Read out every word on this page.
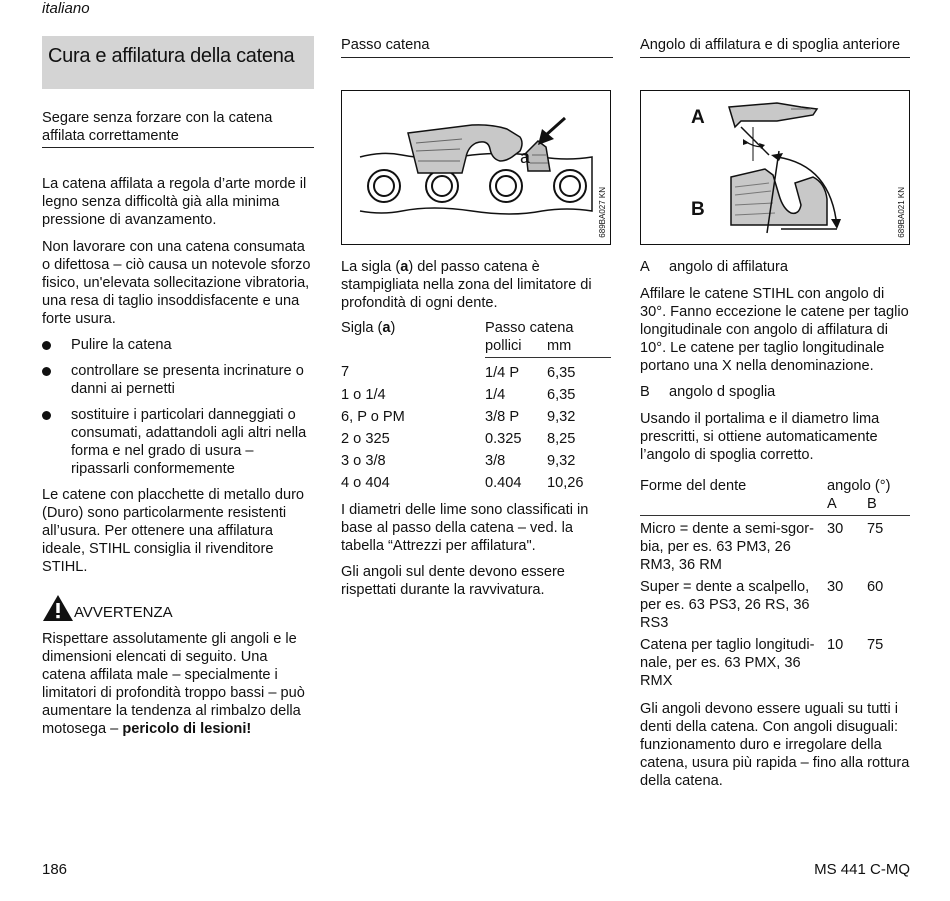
italiano
Cura e affilatura della catena
Segare senza forzare con la catena affilata correttamente

La catena affilata a regola d’arte morde il legno senza difficoltà già alla minima pressione di avanzamento.

Non lavorare con una catena consumata o difettosa – ciò causa un notevole sforzo fisico, un'elevata sollecitazione vibratoria, una resa di taglio insoddisfacente e una forte usura.

Pulire la catena
controllare se presenta incrinature o danni ai pernetti
sostituire i particolari danneggiati o consumati, adattandoli agli altri nella forma e nel grado di usura – ripassarli conformemente

Le catene con placchette di metallo duro (Duro) sono particolarmente resistenti all’usura. Per ottenere una affilatura ideale, STIHL consiglia il rivenditore STIHL.

AVVERTENZA

Rispettare assolutamente gli angoli e le dimensioni elencati di seguito. Una catena affilata male – specialmente i limitatori di profondità troppo bassi – può aumentare la tendenza al rimbalzo della motosega – pericolo di lesioni!

Passo catena
a
689BA027 KN

La sigla (a) del passo catena è stampigliata nella zona del limitatore di profondità di ogni dente.

Sigla (a)	Passo catena	
	pollici	mm
7	1/4 P	6,35
1 o 1/4	1/4	6,35
6, P o PM	3/8 P	9,32
2 o 325	0.325	8,25
3 o 3/8	3/8	9,32
4 o 404	0.404	10,26

I diametri delle lime sono classificati in base al passo della catena – ved. la tabella “Attrezzi per affilatura".

Gli angoli sul dente devono essere rispettati durante la ravvivatura.

Angolo di affilatura e di spoglia anteriore
A
B	689BA021 KN

A angolo di affilatura

Affilare le catene STIHL con angolo di 30°. Fanno eccezione le catene per taglio longitudinale con angolo di affilatura di 10°. Le catene per taglio longitudinale portano una X nella denominazione.

B angolo d spoglia

Usando il portalima e il diametro lima prescritti, si ottiene automaticamente l’angolo di spoglia corretto.

Forme del dente	angolo (°)	
	A	B
Micro = dente a semi-sgor-bia, per es. 63 PM3, 26 RM3, 36 RM	30	75
Super = dente a scalpello, per es. 63 PS3, 26 RS, 36 RS3	30	60
Catena per taglio longitudi-nale, per es. 63 PMX, 36 RMX	10	75

Gli angoli devono essere uguali su tutti i denti della catena. Con angoli disuguali: funzionamento duro e irregolare della catena, usura più rapida – fino alla rottura della catena.

186	MS 441 C-MQ
